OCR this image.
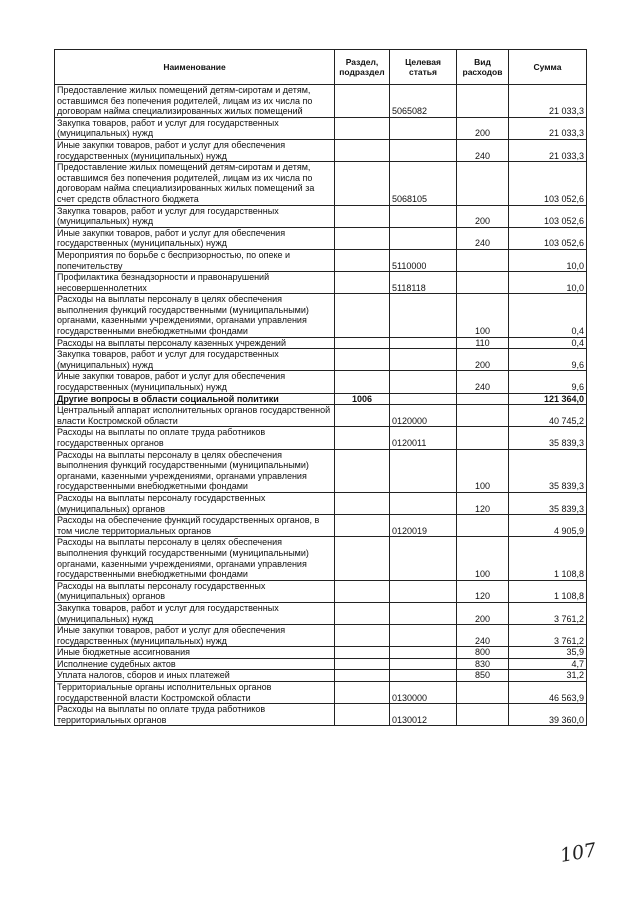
Наименование	Раздел, подраздел	Целевая статья	Вид расходов	Сумма
Предоставление жилых помещений детям-сиротам и детям, оставшимся без попечения родителей, лицам из их числа по договорам найма специализированных жилых помещений		5065082		21 033,3
Закупка товаров, работ и услуг для государственных (муниципальных) нужд			200	21 033,3
Иные закупки товаров, работ и услуг для обеспечения государственных (муниципальных) нужд			240	21 033,3
Предоставление жилых помещений детям-сиротам и детям, оставшимся без попечения родителей, лицам из их числа по договорам найма специализированных жилых помещений за счет средств областного бюджета		5068105		103 052,6
Закупка товаров, работ и услуг для государственных (муниципальных) нужд			200	103 052,6
Иные закупки товаров, работ и услуг для обеспечения государственных (муниципальных) нужд			240	103 052,6
Мероприятия по борьбе с беспризорностью, по опеке и попечительству		5110000		10,0
Профилактика безнадзорности и правонарушений несовершеннолетних		5118118		10,0
Расходы на выплаты персоналу в целях обеспечения выполнения функций государственными (муниципальными) органами, казенными учреждениями, органами управления государственными внебюджетными фондами			100	0,4
Расходы на выплаты персоналу казенных учреждений			110	0,4
Закупка товаров, работ и услуг для государственных (муниципальных) нужд			200	9,6
Иные закупки товаров, работ и услуг для обеспечения государственных (муниципальных) нужд			240	9,6
Другие вопросы в области социальной политики	1006			121 364,0
Центральный аппарат исполнительных органов государственной власти Костромской области		0120000		40 745,2
Расходы на выплаты по оплате труда работников государственных органов		0120011		35 839,3
Расходы на выплаты персоналу в целях обеспечения выполнения функций государственными (муниципальными) органами, казенными учреждениями, органами управления государственными внебюджетными фондами			100	35 839,3
Расходы на выплаты персоналу государственных (муниципальных) органов			120	35 839,3
Расходы на обеспечение функций государственных органов, в том числе территориальных органов		0120019		4 905,9
Расходы на выплаты персоналу в целях обеспечения выполнения функций государственными (муниципальными) органами, казенными учреждениями, органами управления государственными внебюджетными фондами			100	1 108,8
Расходы на выплаты персоналу государственных (муниципальных) органов			120	1 108,8
Закупка товаров, работ и услуг для государственных (муниципальных) нужд			200	3 761,2
Иные закупки товаров, работ и услуг для обеспечения государственных (муниципальных) нужд			240	3 761,2
Иные бюджетные ассигнования			800	35,9
Исполнение судебных актов			830	4,7
Уплата налогов, сборов и иных платежей			850	31,2
Территориальные органы исполнительных органов государственной власти Костромской области		0130000		46 563,9
Расходы на выплаты по оплате труда работников территориальных органов		0130012		39 360,0
107
